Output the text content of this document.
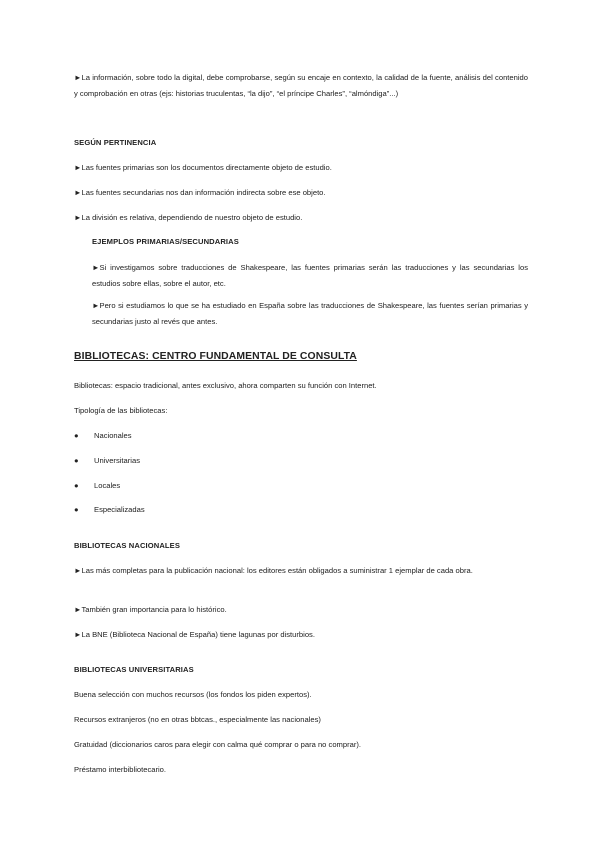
►La información, sobre todo la digital, debe comprobarse, según su encaje en contexto, la calidad de la fuente, análisis del contenido y comprobación en otras (ejs: historias truculentas, “la dijo”, “el príncipe Charles”, “almóndiga”...)

SEGÚN PERTINENCIA

►Las fuentes primarias son los documentos directamente objeto de estudio.

►Las fuentes secundarias nos dan información indirecta sobre ese objeto.

►La división es relativa, dependiendo de nuestro objeto de estudio.

EJEMPLOS PRIMARIAS/SECUNDARIAS

►Si investigamos sobre traducciones de Shakespeare, las fuentes primarias serán las traducciones y las secundarias los estudios sobre ellas, sobre el autor, etc.

►Pero si estudiamos lo que se ha estudiado en España sobre las traducciones de Shakespeare, las fuentes serían primarias y secundarias justo al revés que antes.

BIBLIOTECAS: CENTRO FUNDAMENTAL DE CONSULTA

Bibliotecas: espacio tradicional, antes exclusivo, ahora comparten su función con Internet.

Tipología de las bibliotecas:

● Nacionales

● Universitarias

● Locales

● Especializadas

BIBLIOTECAS NACIONALES

►Las más completas para la publicación nacional: los editores están obligados a suministrar 1 ejemplar de cada obra.

►También gran importancia para lo histórico.

►La BNE (Biblioteca Nacional de España) tiene lagunas por disturbios.

BIBLIOTECAS UNIVERSITARIAS

Buena selección con muchos recursos (los fondos los piden expertos).

Recursos extranjeros (no en otras bbtcas., especialmente las nacionales)

Gratuidad (diccionarios caros para elegir con calma qué comprar o para no comprar).

Préstamo interbibliotecario.
